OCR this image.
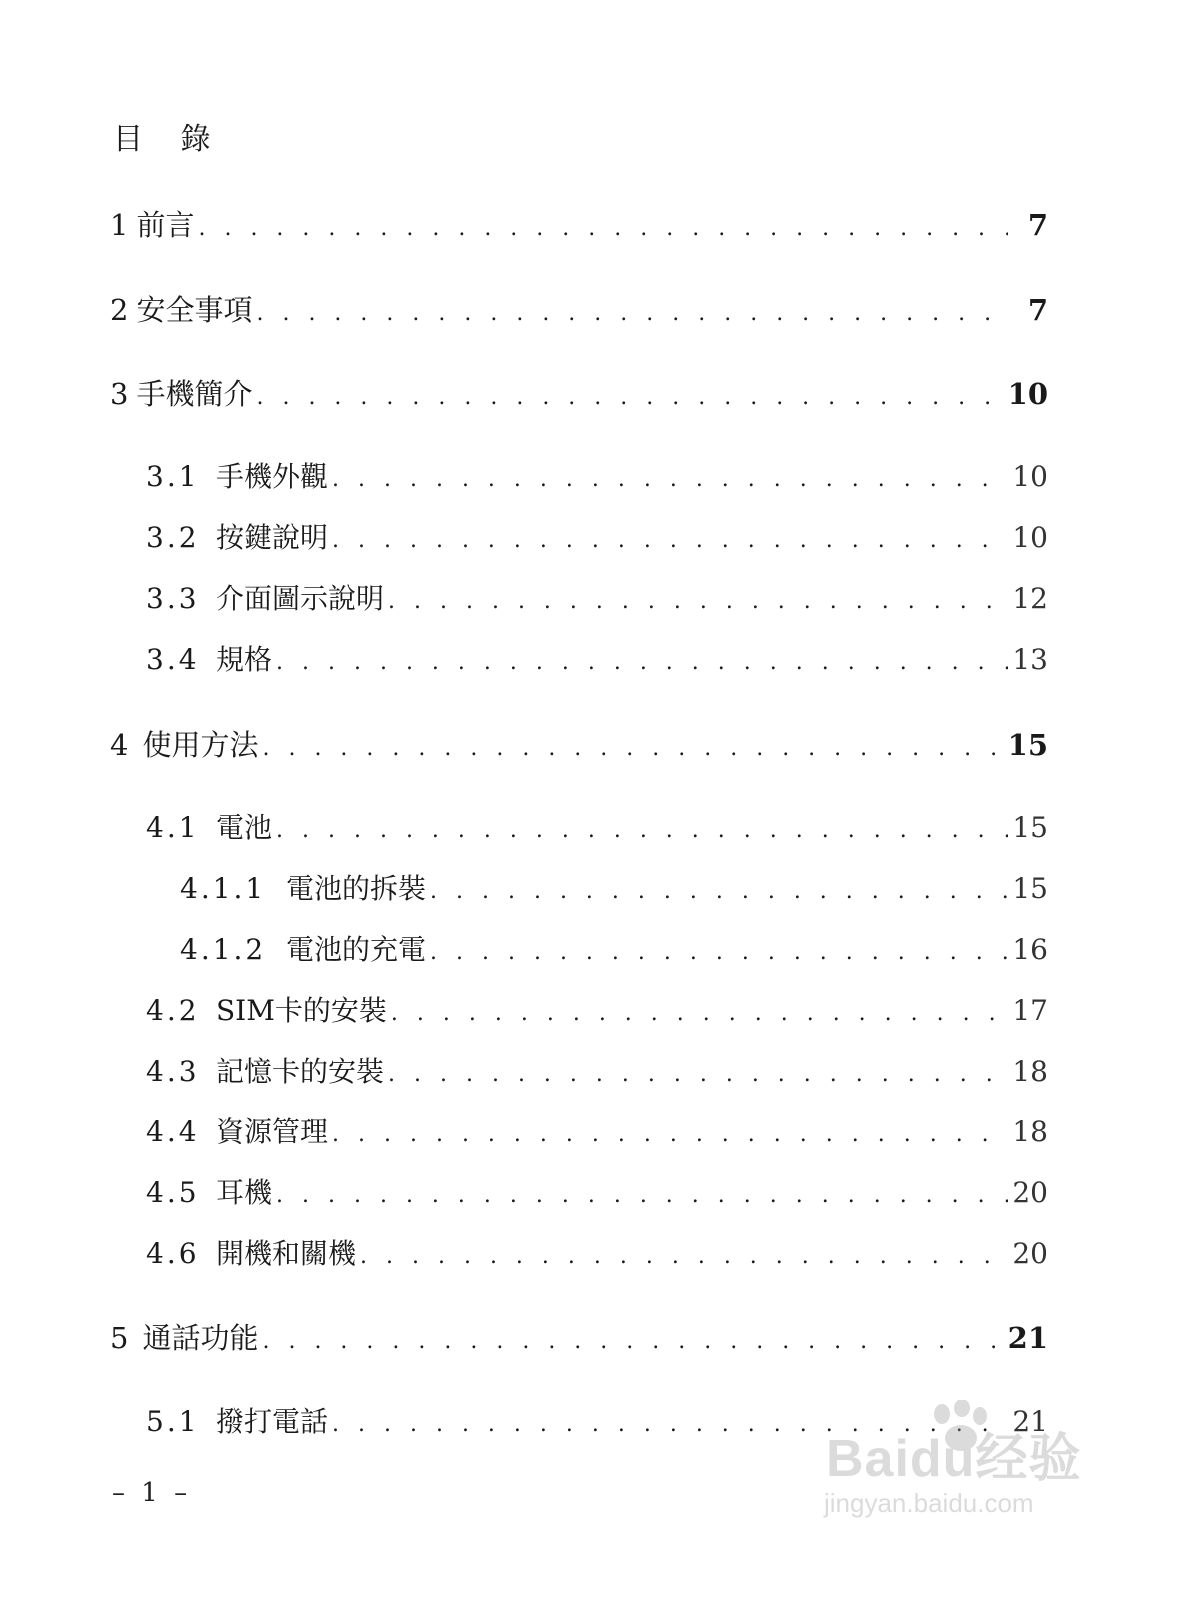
目 錄
1 前言 . . .	7
2 安全事項 . . .	7
3 手機簡介 . . .	10
3.1 手機外觀 . . .	10
3.2 按鍵說明 . . .	10
3.3 介面圖示說明 . . .	12
3.4 規格 . . .	13
4 使用方法 . . .	15
4.1 電池 . . .	15
4.1.1 電池的拆裝 . . .	15
4.1.2 電池的充電 . . .	16
4.2 SIM卡的安裝 . . .	17
4.3 記憶卡的安裝 . . .	18
4.4 資源管理 . . .	18
4.5 耳機 . . .	20
4.6 開機和關機 . . .	20
5 通話功能 . . .	21
5.1 撥打電話 . . .	21
– 1 –
Baidu经验
jingyan.baidu.com
